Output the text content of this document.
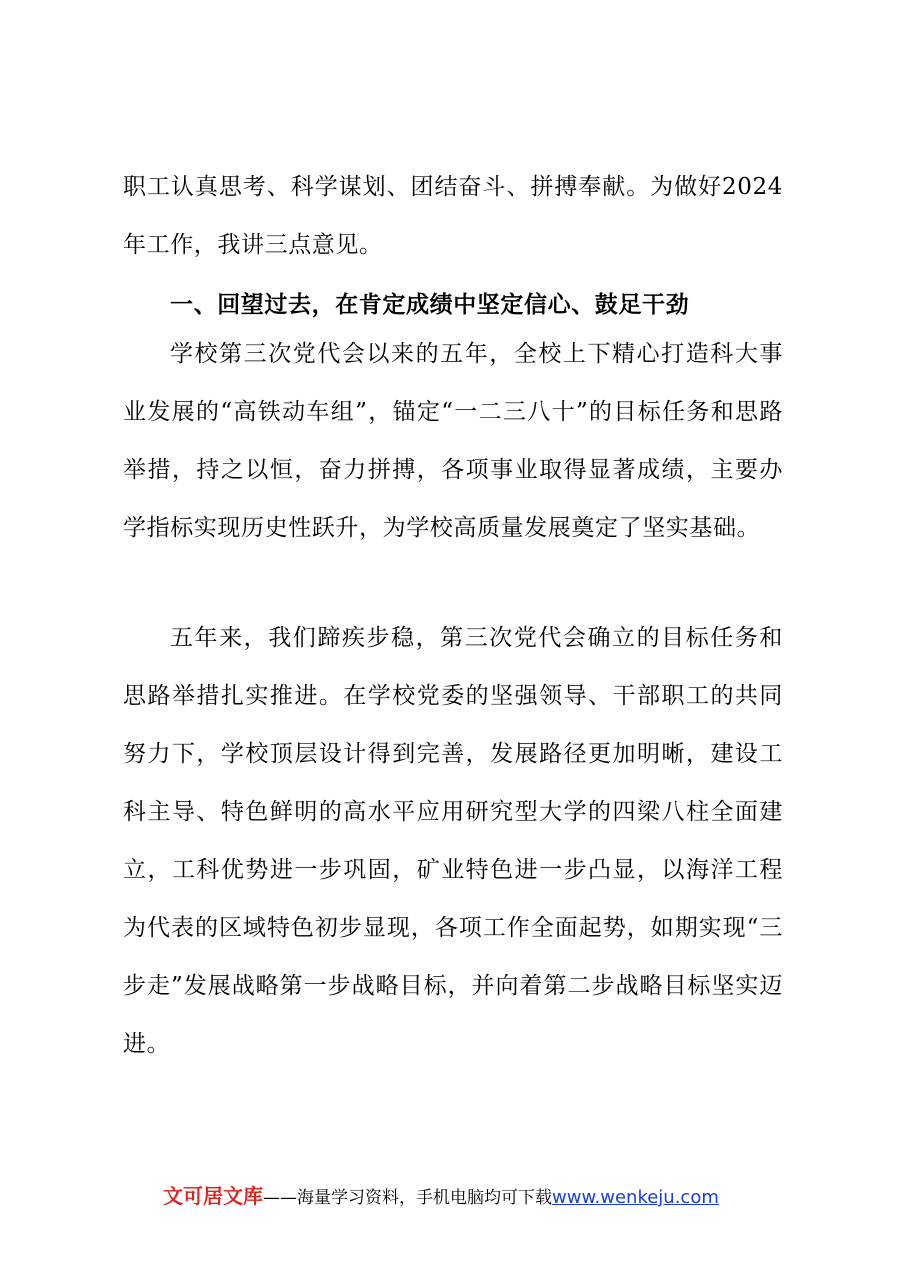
职工认真思考、科学谋划、团结奋斗、拼搏奉献。为做好2024年工作，我讲三点意见。

一、回望过去，在肯定成绩中坚定信心、鼓足干劲

学校第三次党代会以来的五年，全校上下精心打造科大事业发展的“高铁动车组”，锚定“一二三八十”的目标任务和思路举措，持之以恒，奋力拼搏，各项事业取得显著成绩，主要办学指标实现历史性跃升，为学校高质量发展奠定了坚实基础。

五年来，我们蹄疾步稳，第三次党代会确立的目标任务和思路举措扎实推进。在学校党委的坚强领导、干部职工的共同努力下，学校顶层设计得到完善，发展路径更加明晰，建设工科主导、特色鲜明的高水平应用研究型大学的四梁八柱全面建立，工科优势进一步巩固，矿业特色进一步凸显，以海洋工程为代表的区域特色初步显现，各项工作全面起势，如期实现“三步走”发展战略第一步战略目标，并向着第二步战略目标坚实迈进。

文可居文库——海量学习资料，手机电脑均可下载www.wenkeju.com
